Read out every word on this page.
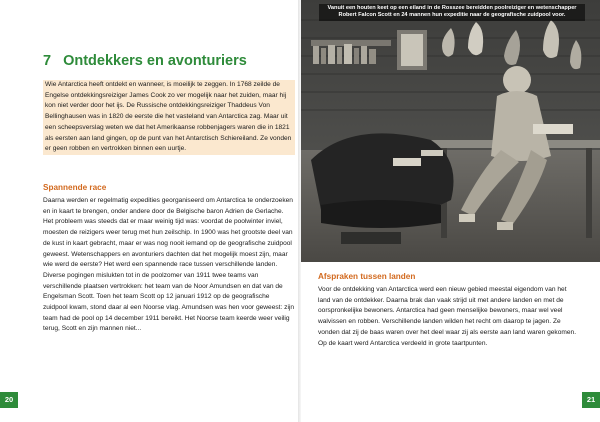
7 Ontdekkers en avonturiers

Wie Antarctica heeft ontdekt en wanneer, is moeilijk te zeggen. In 1768 zeilde de Engelse ontdekkingsreiziger James Cook zo ver mogelijk naar het zuiden, maar hij kon niet verder door het ijs. De Russische ontdekkingsreiziger Thaddeus Von Bellinghausen was in 1820 de eerste die het vasteland van Antarctica zag. Maar uit een scheepsverslag weten we dat het Amerikaanse robbenjagers waren die in 1821 als eersten aan land gingen, op de punt van het Antarctisch Schiereiland. Ze vonden er geen robben en vertrokken binnen een uurtje.

Spannende race

Daarna werden er regelmatig expedities georganiseerd om Antarctica te onderzoeken en in kaart te brengen, onder andere door de Belgische baron Adrien de Gerlache. Het probleem was steeds dat er maar weinig tijd was: voordat de poolwinter inviel, moesten de reizigers weer terug met hun zeilschip. In 1900 was het grootste deel van de kust in kaart gebracht, maar er was nog nooit iemand op de geografische zuidpool geweest. Wetenschappers en avonturiers dachten dat het mogelijk moest zijn, maar wie werd de eerste? Het werd een spannende race tussen verschillende landen. Diverse pogingen mislukten tot in de poolzomer van 1911 twee teams van verschillende plaatsen vertrokken: het team van de Noor Amundsen en dat van de Engelsman Scott. Toen het team Scott op 12 januari 1912 op de geografische zuidpool kwam, stond daar al een Noorse vlag. Amundsen was hen voor geweest: zijn team had de pool op 14 december 1911 bereikt. Het Noorse team keerde weer veilig terug, Scott en zijn mannen niet...

20
Afspraken tussen landen

Voor de ontdekking van Antarctica werd een nieuw gebied meestal eigendom van het land van de ontdekker. Daarna brak dan vaak strijd uit met andere landen en met de oorspronkelijke bewoners. Antarctica had geen menselijke bewoners, maar wel veel walvissen en robben. Verschillende landen wilden het recht om daarop te jagen. Ze vonden dat zij de baas waren over het deel waar zij als eerste aan land waren gekomen. Op de kaart werd Antarctica verdeeld in grote taartpunten.

21

Vanuit een houten keet op een eiland in de Rosszee bereidden poolreiziger en wetenschapper Robert Falcon Scott en 24 mannen hun expeditie naar de geografische zuidpool voor.
